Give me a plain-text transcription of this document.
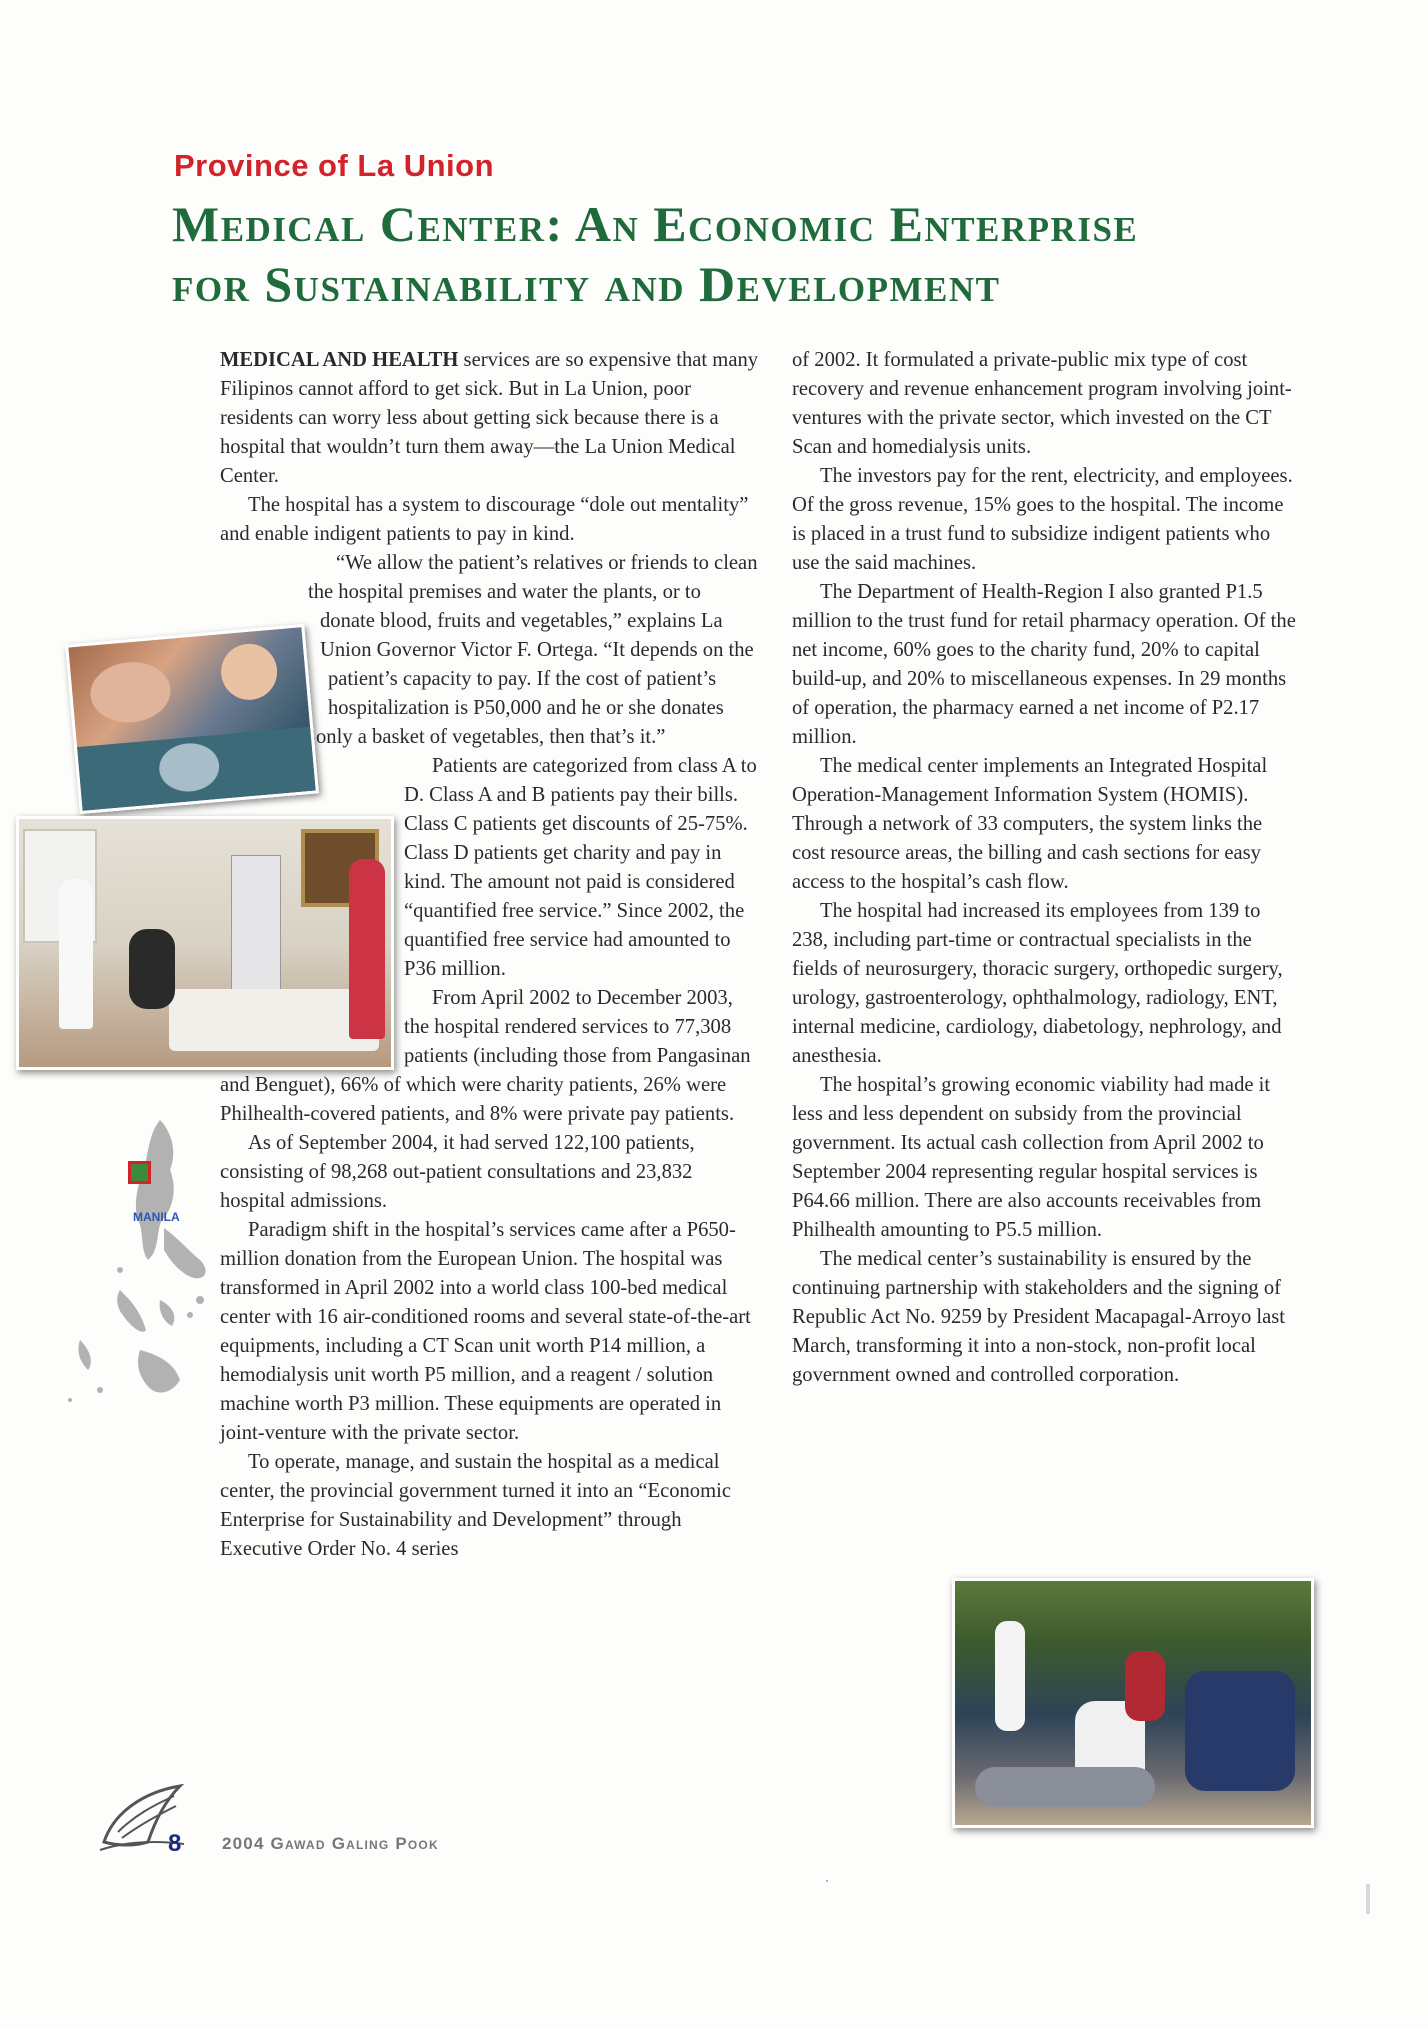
Province of La Union
Medical Center: An Economic Enterprise
for Sustainability and Development

MEDICAL AND HEALTH services are so expensive that many Filipinos cannot afford to get sick. But in La Union, poor residents can worry less about getting sick because there is a hospital that wouldn’t turn them away—the La Union Medical Center.

The hospital has a system to discourage “dole out mentality” and enable indigent patients to pay in kind.

“We allow the patient’s relatives or friends to clean the hospital premises and water the plants, or to donate blood, fruits and vegetables,” explains La Union Governor Victor F. Ortega. “It depends on the patient’s capacity to pay. If the cost of patient’s hospitalization is P50,000 and he or she donates only a basket of vegetables, then that’s it.”

Patients are categorized from class A to D. Class A and B patients pay their bills. Class C patients get discounts of 25-75%. Class D patients get charity and pay in kind. The amount not paid is considered “quantified free service.” Since 2002, the quantified free service had amounted to P36 million.

From April 2002 to December 2003, the hospital rendered services to 77,308 patients (including those from Pangasinan and Benguet), 66% of which were charity patients, 26% were Philhealth-covered patients, and 8% were private pay patients.

As of September 2004, it had served 122,100 patients, consisting of 98,268 out-patient consultations and 23,832 hospital admissions.

Paradigm shift in the hospital’s services came after a P650-million donation from the European Union. The hospital was transformed in April 2002 into a world class 100-bed medical center with 16 air-conditioned rooms and several state-of-the-art equipments, including a CT Scan unit worth P14 million, a hemodialysis unit worth P5 million, and a reagent / solution machine worth P3 million. These equipments are operated in joint-venture with the private sector.

To operate, manage, and sustain the hospital as a medical center, the provincial government turned it into an “Economic Enterprise for Sustainability and Development” through Executive Order No. 4 series

of 2002. It formulated a private-public mix type of cost recovery and revenue enhancement program involving joint-ventures with the private sector, which invested on the CT Scan and homedialysis units.

The investors pay for the rent, electricity, and employees. Of the gross revenue, 15% goes to the hospital. The income is placed in a trust fund to subsidize indigent patients who use the said machines.

The Department of Health-Region I also granted P1.5 million to the trust fund for retail pharmacy operation. Of the net income, 60% goes to the charity fund, 20% to capital build-up, and 20% to miscellaneous expenses. In 29 months of operation, the pharmacy earned a net income of P2.17 million.

The medical center implements an Integrated Hospital Operation-Management Information System (HOMIS). Through a network of 33 computers, the system links the cost resource areas, the billing and cash sections for easy access to the hospital’s cash flow.

The hospital had increased its employees from 139 to 238, including part-time or contractual specialists in the fields of neurosurgery, thoracic surgery, orthopedic surgery, urology, gastroenterology, ophthalmology, radiology, ENT, internal medicine, cardiology, diabetology, nephrology, and anesthesia.

The hospital’s growing economic viability had made it less and less dependent on subsidy from the provincial government. Its actual cash collection from April 2002 to September 2004 representing regular hospital services is P64.66 million. There are also accounts receivables from Philhealth amounting to P5.5 million.

The medical center’s sustainability is ensured by the continuing partnership with stakeholders and the signing of Republic Act No. 9259 by President Macapagal-Arroyo last March, transforming it into a non-stock, non-profit local government owned and controlled corporation.

MANILA
8 2004 Gawad Galing Pook
